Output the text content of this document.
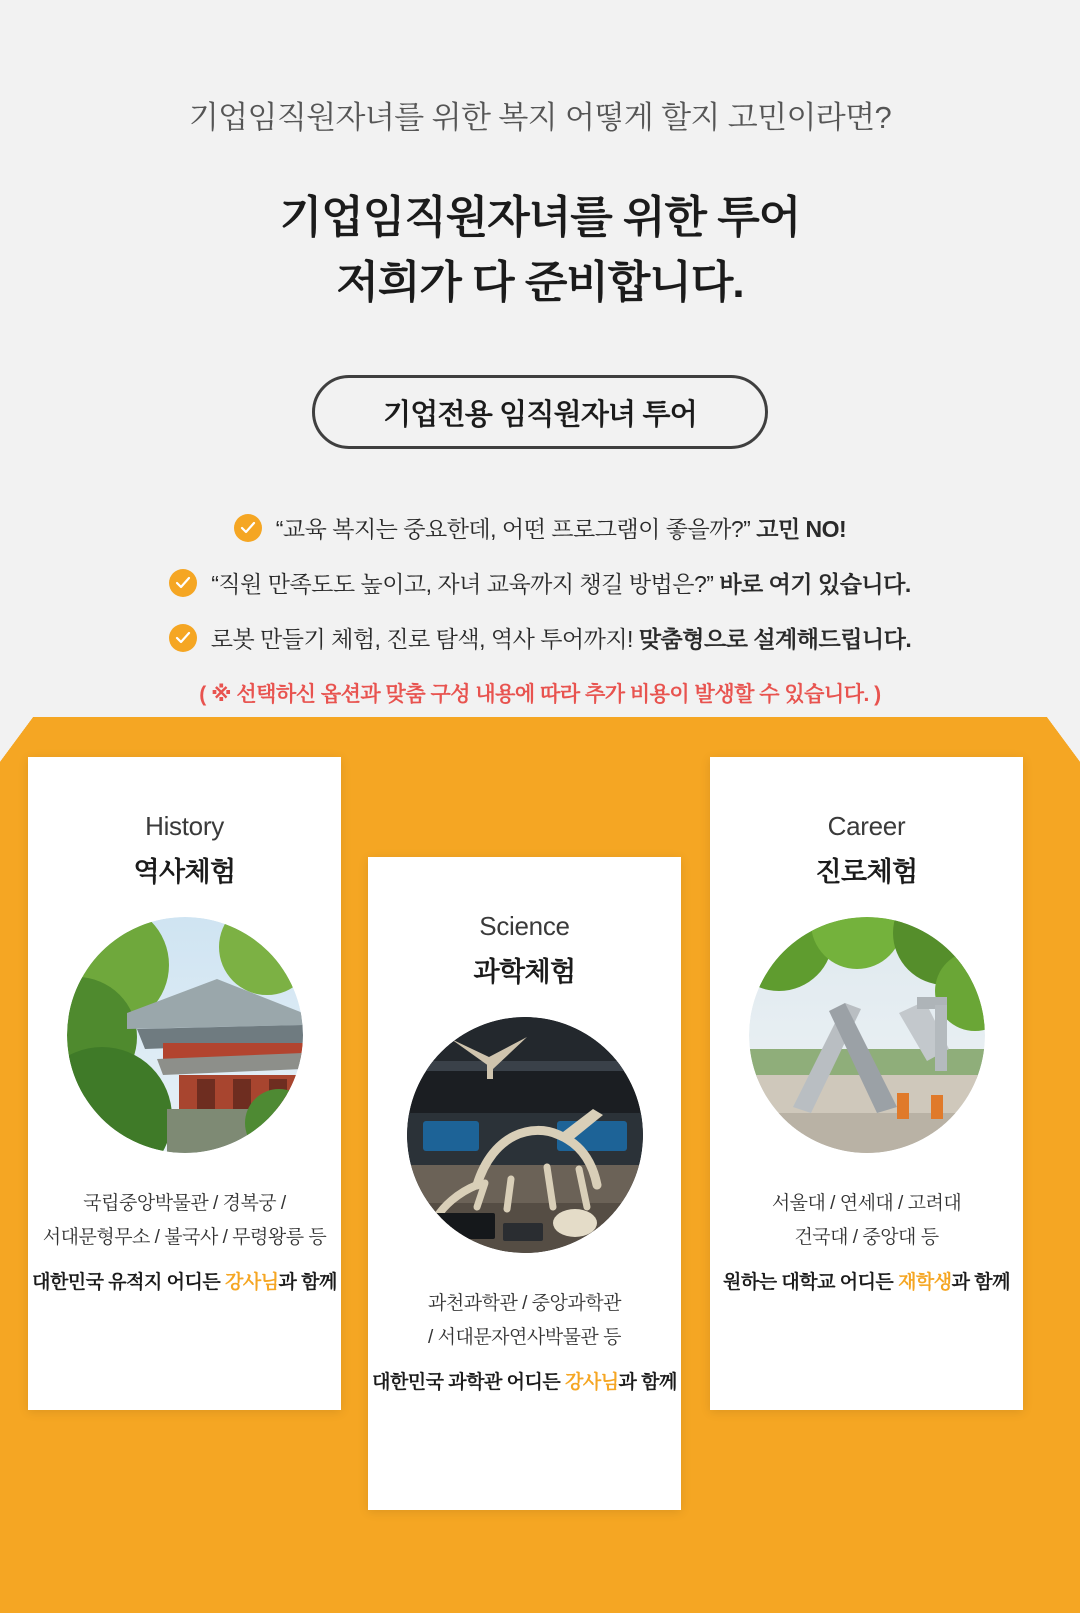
기업임직원자녀를 위한 복지 어떻게 할지 고민이라면?
기업임직원자녀를 위한 투어
저희가 다 준비합니다.
기업전용 임직원자녀 투어
“교육 복지는 중요한데, 어떤 프로그램이 좋을까?” 고민 NO!
“직원 만족도도 높이고, 자녀 교육까지 챙길 방법은?” 바로 여기 있습니다.
로봇 만들기 체험, 진로 탐색, 역사 투어까지! 맞춤형으로 설계해드립니다.
( ※ 선택하신 옵션과 맞춤 구성 내용에 따라 추가 비용이 발생할 수 있습니다. )
History
역사체험
국립중앙박물관 / 경복궁 /
서대문형무소 / 불국사 / 무령왕릉 등
대한민국 유적지 어디든 강사님과 함께
Science
과학체험
과천과학관 / 중앙과학관
/ 서대문자연사박물관 등
대한민국 과학관 어디든 강사님과 함께
Career
진로체험
서울대 / 연세대 / 고려대
건국대 / 중앙대 등
원하는 대학교 어디든 재학생과 함께
